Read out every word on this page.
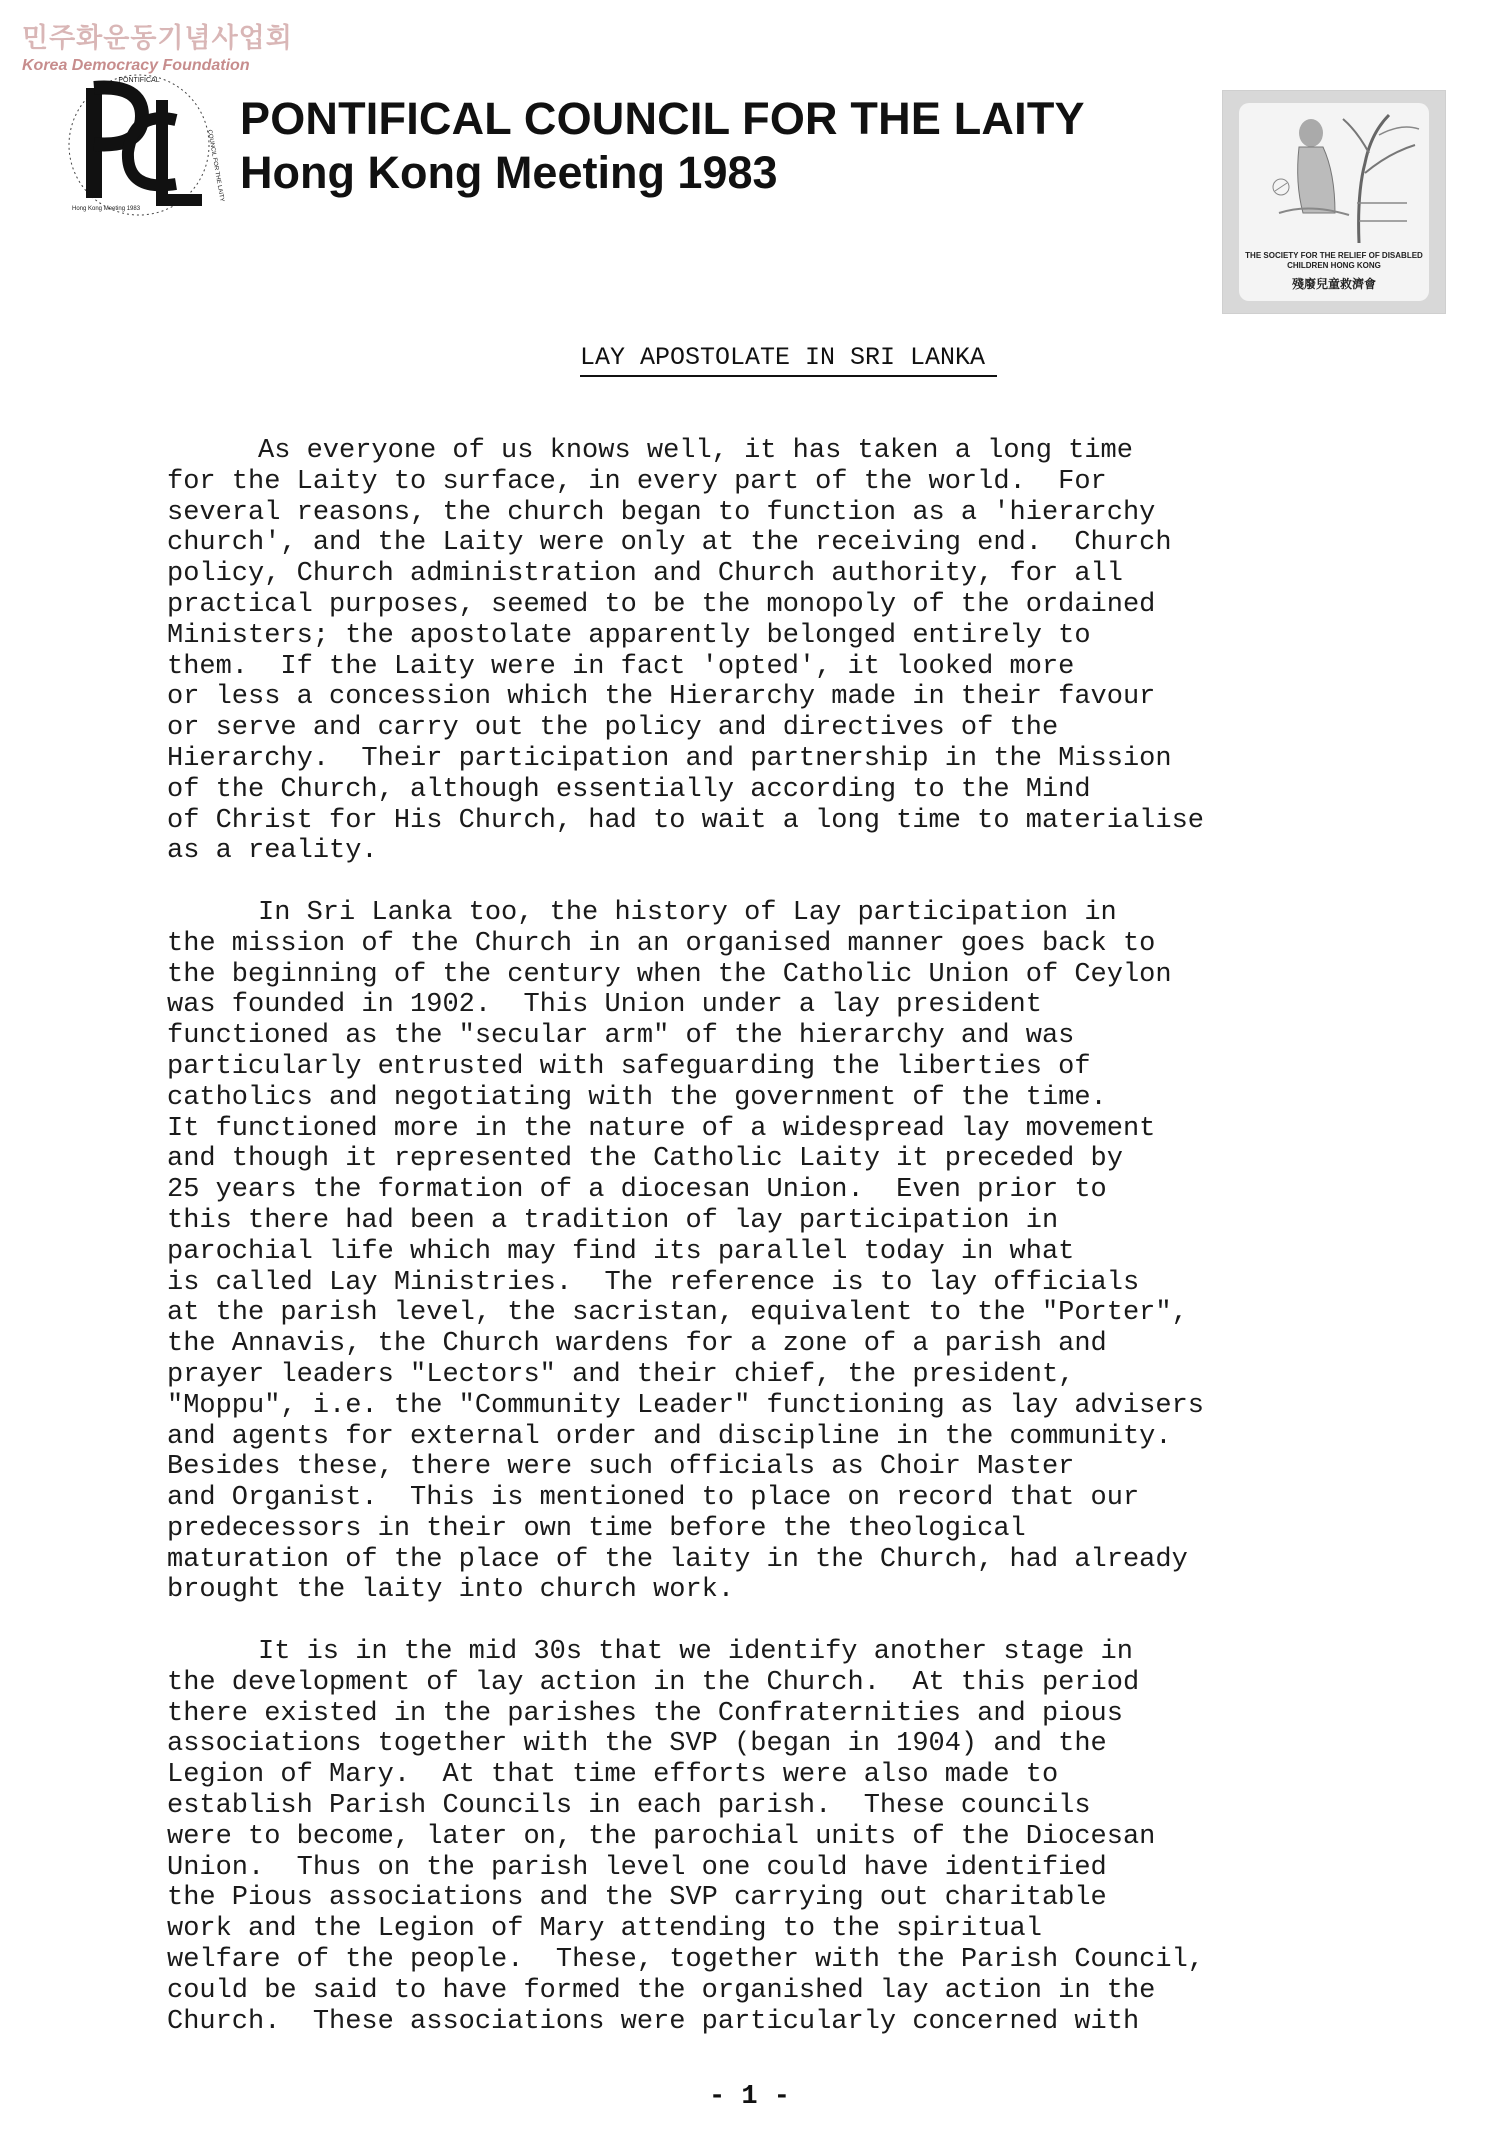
민주화운동기념사업회
Korea Democracy Foundation
PONTIFICAL
Hong Kong Meeting 1983
COUNCIL FOR THE LAITY
PONTIFICAL COUNCIL FOR THE LAITY
Hong Kong Meeting 1983
THE SOCIETY FOR THE RELIEF OF DISABLED CHILDREN HONG KONG
殘廢兒童救濟會
LAY APOSTOLATE IN SRI LANKA
As everyone of us knows well, it has taken a long time
for the Laity to surface, in every part of the world.  For
several reasons, the church began to function as a 'hierarchy
church', and the Laity were only at the receiving end.  Church
policy, Church administration and Church authority, for all
practical purposes, seemed to be the monopoly of the ordained
Ministers; the apostolate apparently belonged entirely to
them.  If the Laity were in fact 'opted', it looked more
or less a concession which the Hierarchy made in their favour
or serve and carry out the policy and directives of the
Hierarchy.  Their participation and partnership in the Mission
of the Church, although essentially according to the Mind
of Christ for His Church, had to wait a long time to materialise
as a reality.
In Sri Lanka too, the history of Lay participation in
the mission of the Church in an organised manner goes back to
the beginning of the century when the Catholic Union of Ceylon
was founded in 1902.  This Union under a lay president
functioned as the "secular arm" of the hierarchy and was
particularly entrusted with safeguarding the liberties of
catholics and negotiating with the government of the time.
It functioned more in the nature of a widespread lay movement
and though it represented the Catholic Laity it preceded by
25 years the formation of a diocesan Union.  Even prior to
this there had been a tradition of lay participation in
parochial life which may find its parallel today in what
is called Lay Ministries.  The reference is to lay officials
at the parish level, the sacristan, equivalent to the "Porter",
the Annavis, the Church wardens for a zone of a parish and
prayer leaders "Lectors" and their chief, the president,
"Moppu", i.e. the "Community Leader" functioning as lay advisers
and agents for external order and discipline in the community.
Besides these, there were such officials as Choir Master
and Organist.  This is mentioned to place on record that our
predecessors in their own time before the theological
maturation of the place of the laity in the Church, had already
brought the laity into church work.
It is in the mid 30s that we identify another stage in
the development of lay action in the Church.  At this period
there existed in the parishes the Confraternities and pious
associations together with the SVP (began in 1904) and the
Legion of Mary.  At that time efforts were also made to
establish Parish Councils in each parish.  These councils
were to become, later on, the parochial units of the Diocesan
Union.  Thus on the parish level one could have identified
the Pious associations and the SVP carrying out charitable
work and the Legion of Mary attending to the spiritual
welfare of the people.  These, together with the Parish Council,
could be said to have formed the organished lay action in the
Church.  These associations were particularly concerned with
- 1 -
